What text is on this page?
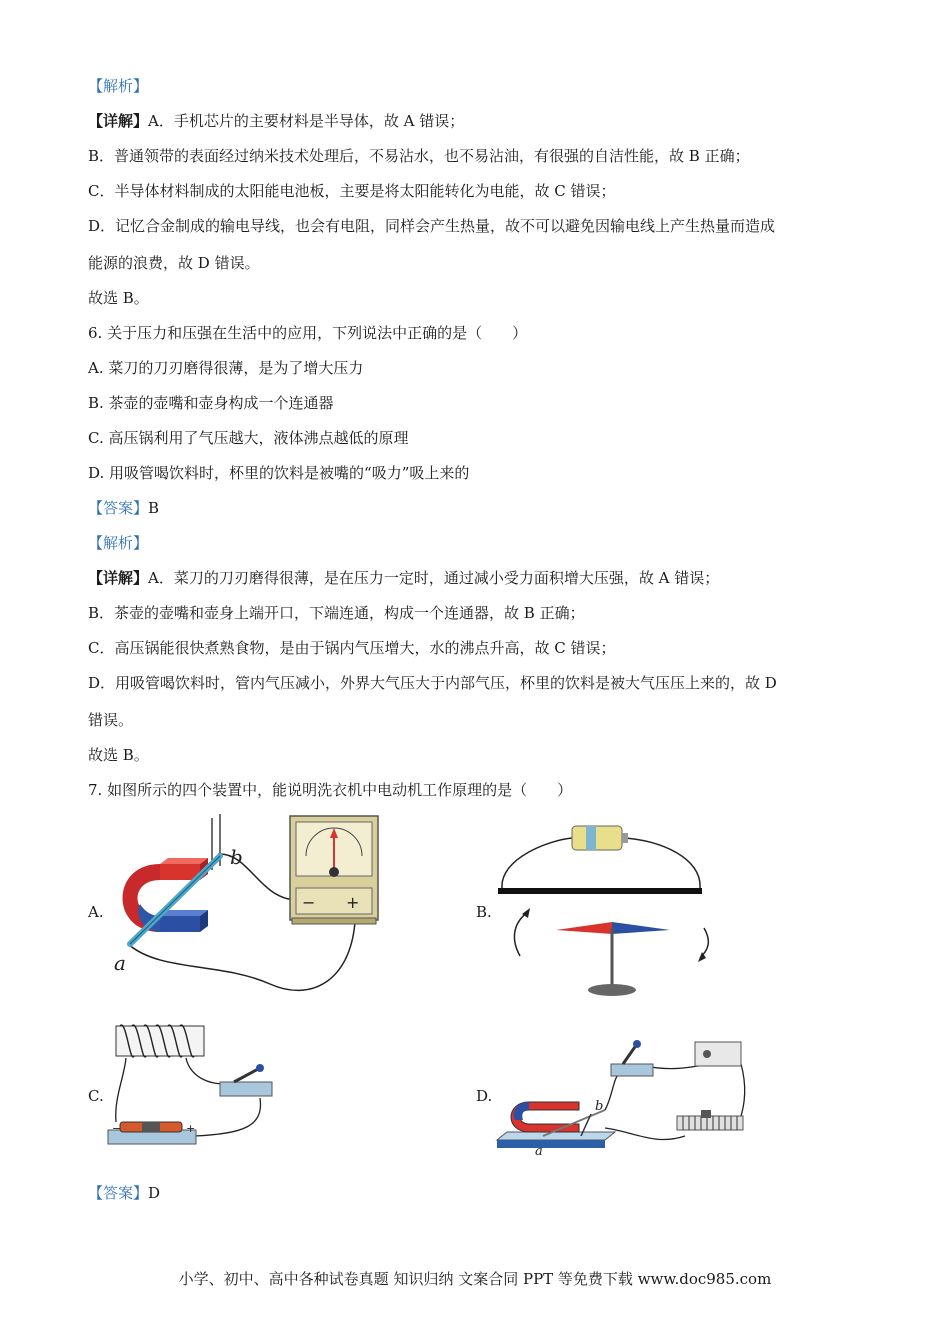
【解析】
【详解】A．手机芯片的主要材料是半导体，故 A 错误；
B．普通领带的表面经过纳米技术处理后，不易沾水，也不易沾油，有很强的自洁性能，故 B 正确；
C．半导体材料制成的太阳能电池板，主要是将太阳能转化为电能，故 C 错误；
D．记忆合金制成的输电导线，也会有电阻，同样会产生热量，故不可以避免因输电线上产生热量而造成
能源的浪费，故 D 错误。
故选 B。
6. 关于压力和压强在生活中的应用，下列说法中正确的是（　　）
A. 菜刀的刀刃磨得很薄，是为了增大压力
B. 茶壶的壶嘴和壶身构成一个连通器
C. 高压锅利用了气压越大，液体沸点越低的原理
D. 用吸管喝饮料时，杯里的饮料是被嘴的“吸力”吸上来的
【答案】B
【解析】
【详解】A．菜刀的刀刃磨得很薄，是在压力一定时，通过减小受力面积增大压强，故 A 错误；
B．茶壶的壶嘴和壶身上端开口，下端连通，构成一个连通器，故 B 正确；
C．高压锅能很快煮熟食物，是由于锅内气压增大，水的沸点升高，故 C 错误；
D．用吸管喝饮料时，管内气压减小，外界大气压大于内部气压，杯里的饮料是被大气压压上来的，故 D
错误。
故选 B。
7. 如图所示的四个装置中，能说明洗衣机中电动机工作原理的是（　　）
A.	− +
a
b
B.
C.
−	+
D.
a
b
【答案】D
小学、初中、高中各种试卷真题 知识归纳 文案合同 PPT 等免费下载 www.doc985.com
